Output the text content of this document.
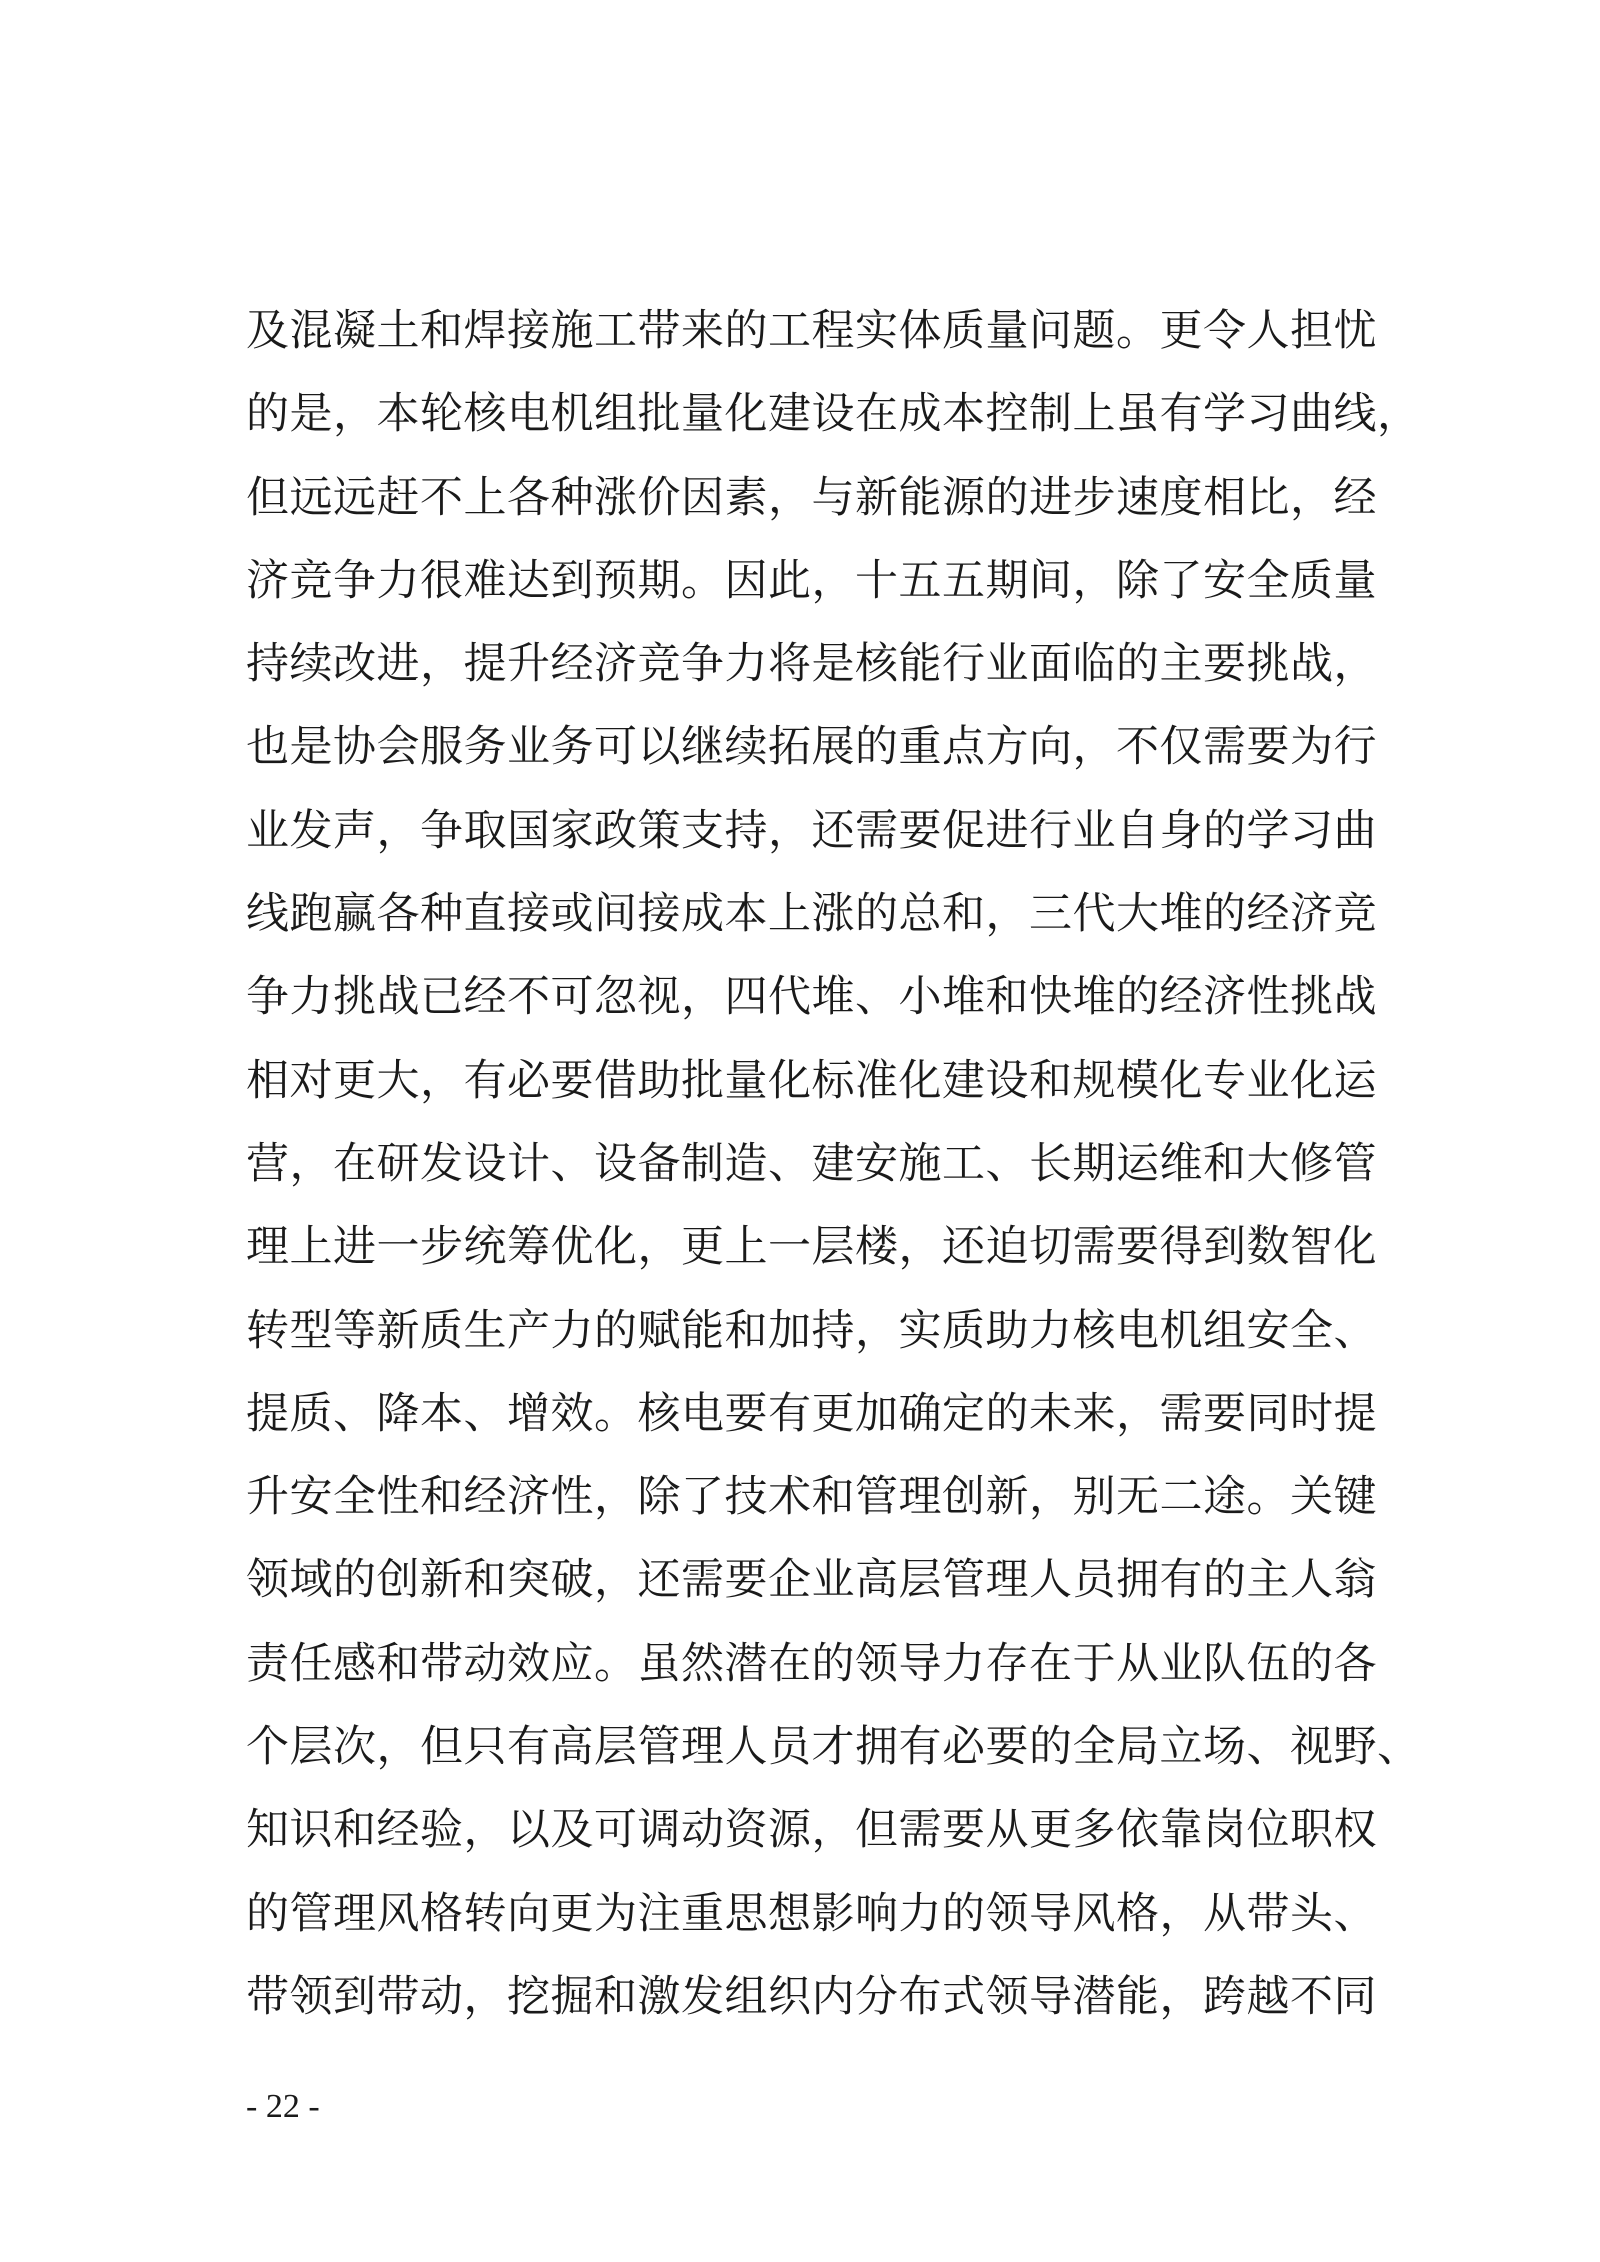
及混凝土和焊接施工带来的工程实体质量问题。更令人担忧
的是，本轮核电机组批量化建设在成本控制上虽有学习曲线，
但远远赶不上各种涨价因素，与新能源的进步速度相比，经
济竞争力很难达到预期。因此，十五五期间，除了安全质量
持续改进，提升经济竞争力将是核能行业面临的主要挑战，
也是协会服务业务可以继续拓展的重点方向，不仅需要为行
业发声，争取国家政策支持，还需要促进行业自身的学习曲
线跑赢各种直接或间接成本上涨的总和，三代大堆的经济竞
争力挑战已经不可忽视，四代堆、小堆和快堆的经济性挑战
相对更大，有必要借助批量化标准化建设和规模化专业化运
营，在研发设计、设备制造、建安施工、长期运维和大修管
理上进一步统筹优化，更上一层楼，还迫切需要得到数智化
转型等新质生产力的赋能和加持，实质助力核电机组安全、
提质、降本、增效。核电要有更加确定的未来，需要同时提
升安全性和经济性，除了技术和管理创新，别无二途。关键
领域的创新和突破，还需要企业高层管理人员拥有的主人翁
责任感和带动效应。虽然潜在的领导力存在于从业队伍的各
个层次，但只有高层管理人员才拥有必要的全局立场、视野、
知识和经验，以及可调动资源，但需要从更多依靠岗位职权
的管理风格转向更为注重思想影响力的领导风格，从带头、
带领到带动，挖掘和激发组织内分布式领导潜能，跨越不同
- 22 -
